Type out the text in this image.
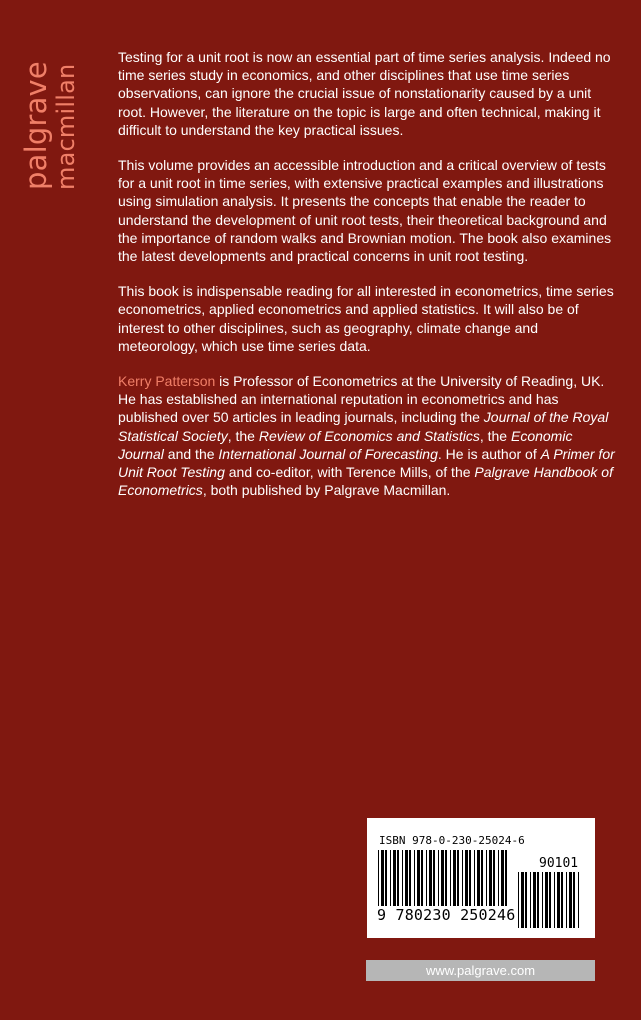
palgrave macmillan

Testing for a unit root is now an essential part of time series analysis. Indeed no time series study in economics, and other disciplines that use time series observations, can ignore the crucial issue of nonstationarity caused by a unit root. However, the literature on the topic is large and often technical, making it difficult to understand the key practical issues.

This volume provides an accessible introduction and a critical overview of tests for a unit root in time series, with extensive practical examples and illustrations using simulation analysis. It presents the concepts that enable the reader to understand the development of unit root tests, their theoretical background and the importance of random walks and Brownian motion. The book also examines the latest developments and practical concerns in unit root testing.

This book is indispensable reading for all interested in econometrics, time series econometrics, applied econometrics and applied statistics. It will also be of interest to other disciplines, such as geography, climate change and meteorology, which use time series data.

Kerry Patterson is Professor of Econometrics at the University of Reading, UK. He has established an international reputation in econometrics and has published over 50 articles in leading journals, including the Journal of the Royal Statistical Society, the Review of Economics and Statistics, the Economic Journal and the International Journal of Forecasting. He is author of A Primer for Unit Root Testing and co-editor, with Terence Mills, of the Palgrave Handbook of Econometrics, both published by Palgrave Macmillan.

ISBN 978-0-230-25024-6
90101
9 780230 250246
www.palgrave.com
